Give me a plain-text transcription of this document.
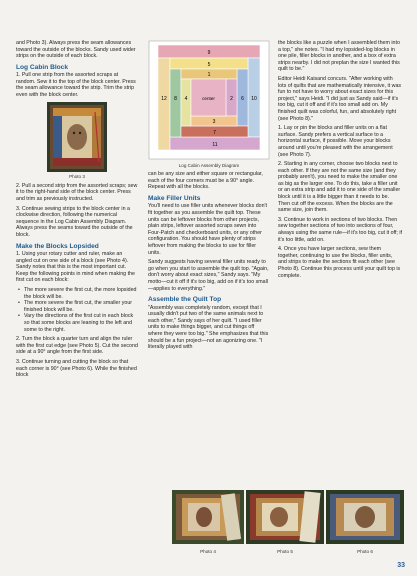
and Photo 3). Always press the seam allowances toward the outside of the blocks. Sandy used wider strips on the outside of each block.

Log Cabin Block

1. Pull one strip from the assorted scraps at random. Sew it to the top of the block center. Press the seam allowance toward the strip. Trim the strip even with the block center.

Photo 3

2. Pull a second strip from the assorted scraps; sew it to the right-hand side of the block center. Press and trim as previously instructed.

3. Continue sewing strips to the block center in a clockwise direction, following the numerical sequence in the Log Cabin Assembly Diagram. Always press the seams toward the outside of the block.

Make the Blocks Lopsided

1. Using your rotary cutter and ruler, make an angled cut on one side of a block (see Photo 4). Sandy notes that this is the most important cut. Keep the following points in mind when making the first cut on each block:

• The more severe the first cut, the more lopsided the block will be.
• The more severe the first cut, the smaller your finished block will be.
• Vary the directions of the first cut in each block so that some blocks are leaning to the left and some to the right.

2. Turn the block a quarter turn and align the ruler with the first cut edge (see Photo 5). Cut the second side at a 90° angle from the first side.

3. Continue turning and cutting the block so that each corner is 90° (see Photo 6). While the finished block

9
12	10
11
5
8	6
7
1
4	2
3
center
Log Cabin Assembly Diagram

can be any size and either square or rectangular, each of the four corners must be a 90° angle. Repeat with all the blocks.

Make Filler Units

You'll need to use filler units whenever blocks don't fit together as you assemble the quilt top. These units can be leftover blocks from other projects, plain strips, leftover assorted scraps sewn into Four-Patch and checkerboard units, or any other configuration. You should have plenty of strips leftover from making the blocks to use for filler units.

Sandy suggests having several filler units ready to go when you start to assemble the quilt top. "Again, don't worry about exact sizes," Sandy says. "My motto—cut it off if it's too big, add on if it's too small—applies to everything."

Assemble the Quilt Top

"Assembly was completely random, except that I usually didn't put two of the same animals next to each other," Sandy says of her quilt. "I used filler units to make things bigger, and cut things off where they were too big." She emphasizes that this should be a fun project—not an agonizing one. "I literally played with

the blocks like a puzzle when I assembled them into a top," she notes. "I had my lopsided-log blocks in one pile, filler blocks in another, and a box of extra strips nearby. I did not preplan the size I wanted this quilt to be."

Editor Heidi Kaisand concurs. "After working with lots of quilts that are mathematically intensive, it was fun to not have to worry about exact sizes for this project," says Heidi. "I did just as Sandy said—if it's too big, cut it off and if it's too small add on. My finished quilt was colorful, fun, and absolutely right (see Photo 8)."

1. Lay or pin the blocks and filler units on a flat surface. Sandy prefers a vertical surface to a horizontal surface, if possible. Move your blocks around until you're pleased with the arrangement (see Photo 7).

2. Starting in any corner, choose two blocks next to each other. If they are not the same size (and they probably aren't), you need to make the smaller one as big as the larger one. To do this, take a filler unit or an extra strip and add it to one side of the smaller block until it is a little bigger than it needs to be. Then cut off the excess. When the blocks are the same size, join them.

3. Continue to work in sections of two blocks. Then sew together sections of two into sections of four, always using the same rule—if it's too big, cut it off; if it's too little, add on.

4. Once you have larger sections, sew them together, continuing to use the blocks, filler units, and strips to make the sections fit each other (see Photo 8). Continue this process until your quilt top is complete.

Photo 4	Photo 5	Photo 6
33
